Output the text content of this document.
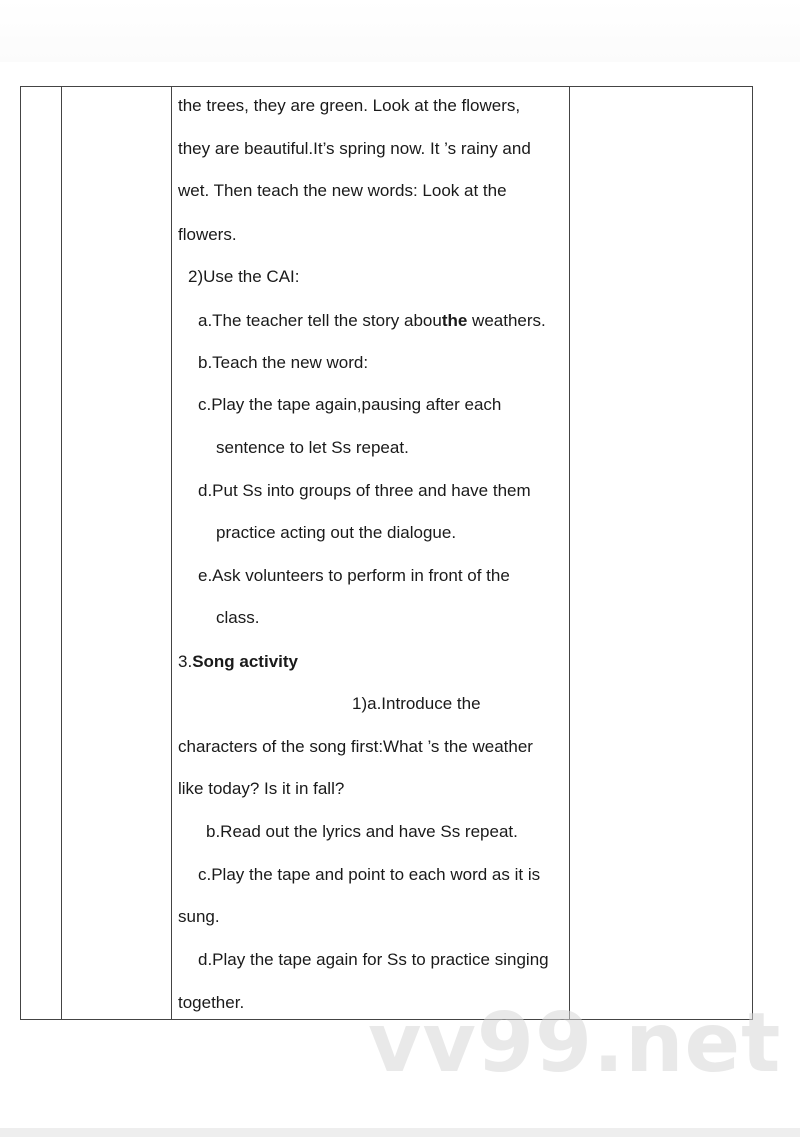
the trees, they are green. Look at the flowers,
they are beautiful.It’s spring now. It ’s rainy and
wet. Then teach the new words: Look at the
flowers.
2)Use the CAI:
a.The teacher tell the story abouthe weathers.
b.Teach the new word:
c.Play the tape again,pausing after each
sentence to let Ss repeat.
d.Put Ss into groups of three and have them
practice acting out the dialogue.
e.Ask volunteers to perform in front of the
class.
3.Song activity
1)a.Introduce the
characters of the song first:What ’s the weather
like today? Is it in fall?
b.Read out the lyrics and have Ss repeat.
c.Play the tape and point to each word as it is
sung.
d.Play the tape again for Ss to practice singing
together. vv99.net
